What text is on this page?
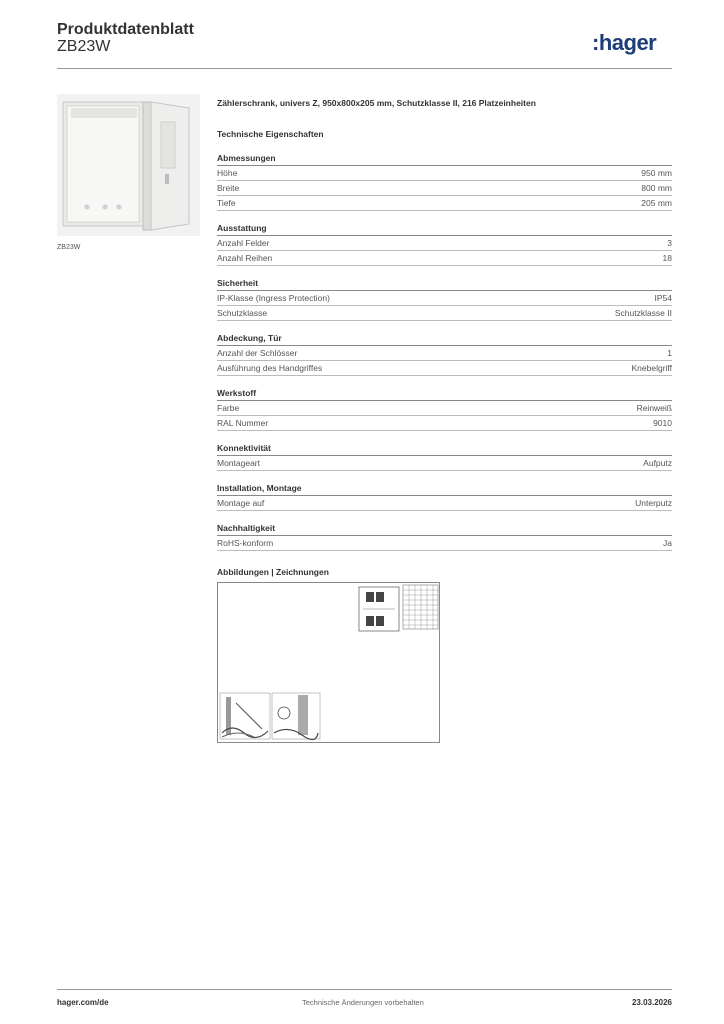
Produktdatenblatt
ZB23W	:hager
ZB23W
Zählerschrank, univers Z, 950x800x205 mm, Schutzklasse II, 216 Platzeinheiten
Technische Eigenschaften
Abmessungen
Höhe	950 mm
Breite	800 mm
Tiefe	205 mm
Ausstattung
Anzahl Felder	3
Anzahl Reihen	18
Sicherheit
IP-Klasse (Ingress Protection)	IP54
Schutzklasse	Schutzklasse II
Abdeckung, Tür
Anzahl der Schlösser	1
Ausführung des Handgriffes	Knebelgriff
Werkstoff
Farbe	Reinweiß
RAL Nummer	9010
Konnektivität
Montageart	Aufputz
Installation, Montage
Montage auf	Unterputz
Nachhaltigkeit
RoHS-konform	Ja
Abbildungen | Zeichnungen
hager.com/de	Technische Änderungen vorbehalten	23.03.2026
